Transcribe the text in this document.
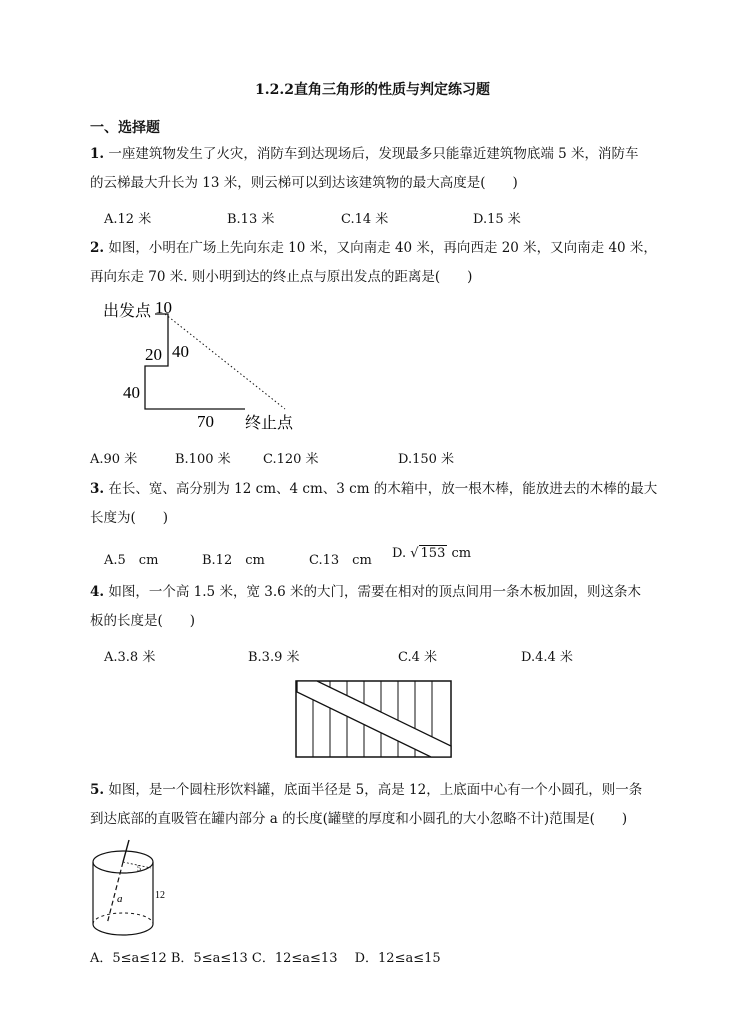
1.2.2直角三角形的性质与判定练习题
一、选择题
1. 一座建筑物发生了火灾，消防车到达现场后，发现最多只能靠近建筑物底端 5 米，消防车
的云梯最大升长为 13 米，则云梯可以到达该建筑物的最大高度是(　　)
A.12 米	B.13 米	C.14 米	D.15 米
2. 如图，小明在广场上先向东走 10 米，又向南走 40 米，再向西走 20 米，又向南走 40 米，
再向东走 70 米. 则小明到达的终止点与原出发点的距离是(　　)
出发点 10
40
20
40
70 终止点
A.90 米	B.100 米 C.120 米	D.150 米
3. 在长、宽、高分别为 12 cm、4 cm、3 cm 的木箱中，放一根木棒，能放进去的木棒的最大
长度为(　　)
A.5　cm	B.12　cm	C.13　cm D. √ 153 cm
4. 如图，一个高 1.5 米，宽 3.6 米的大门，需要在相对的顶点间用一条木板加固，则这条木
板的长度是(　　)
A.3.8 米	B.3.9 米	C.4 米	D.4.4 米
5. 如图，是一个圆柱形饮料罐，底面半径是 5，高是 12，上底面中心有一个小圆孔，则一条
到达底部的直吸管在罐内部分 a 的长度(罐壁的厚度和小圆孔的大小忽略不计)范围是(　　)
5
a	12
A．5≤a≤12 B．5≤a≤13 C．12≤a≤13　 D．12≤a≤15
